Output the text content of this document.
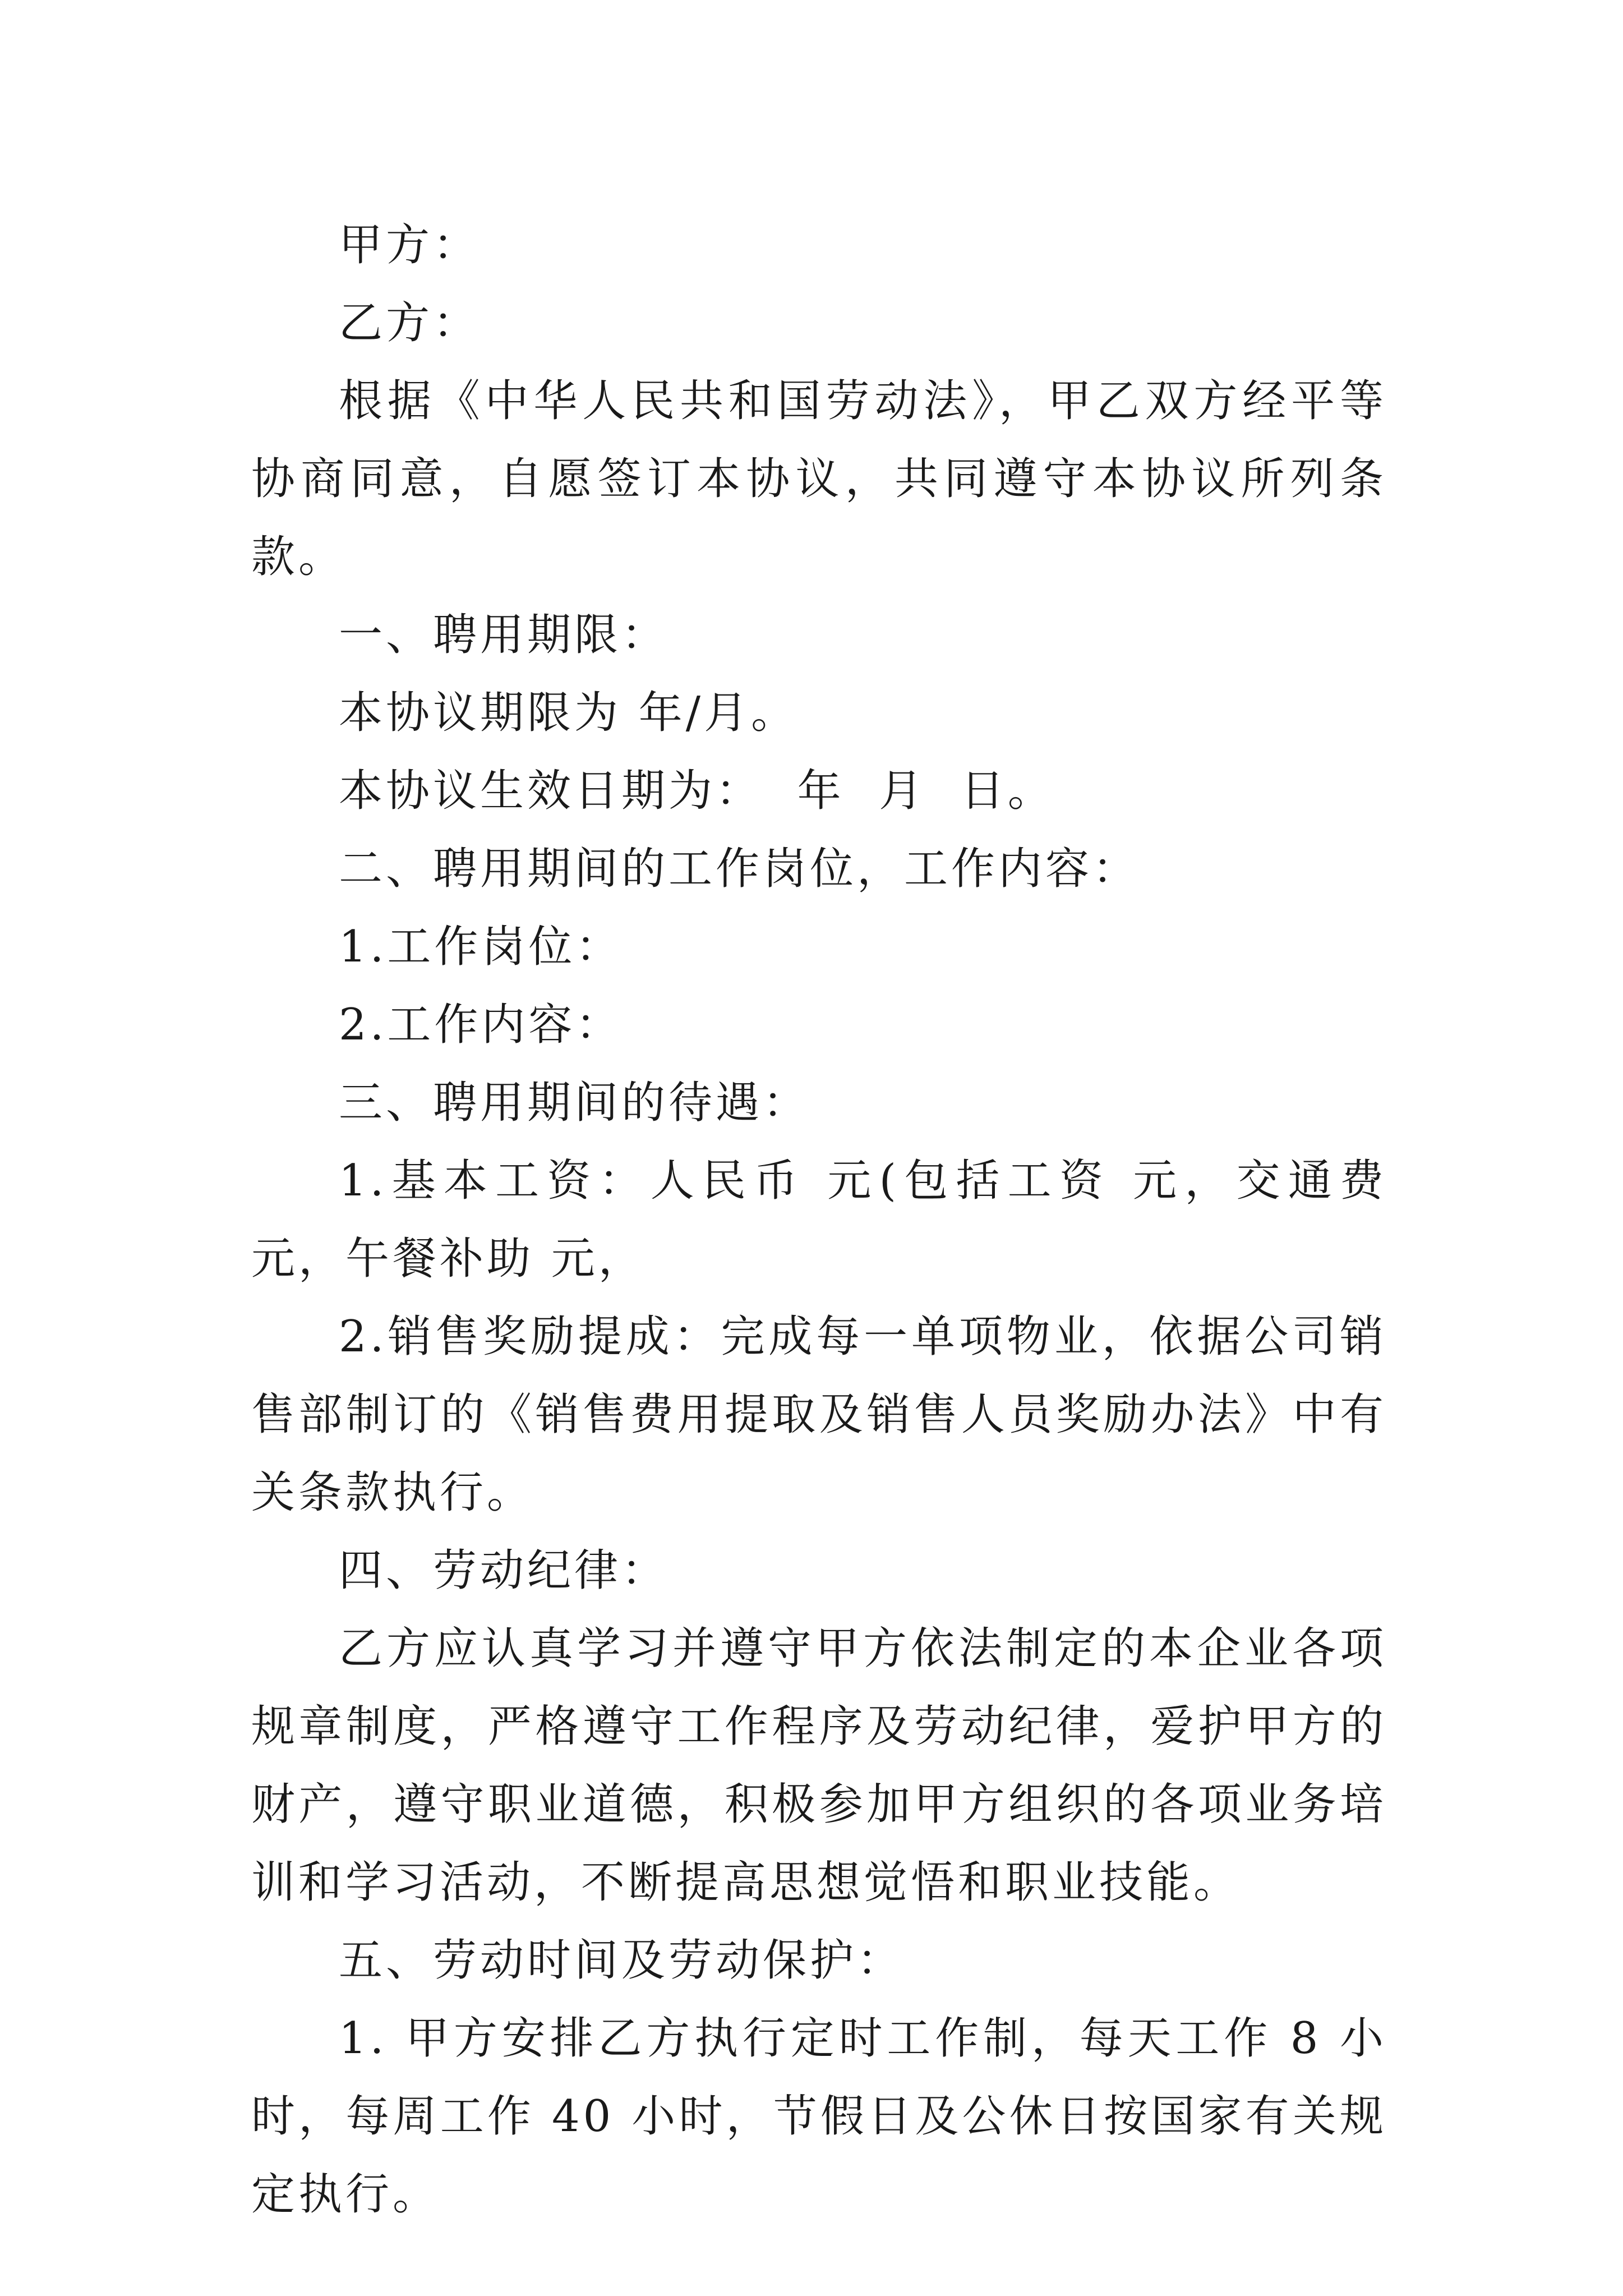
甲方：

乙方：

根据《中华人民共和国劳动法》，甲乙双方经平等协商同意，自愿签订本协议，共同遵守本协议所列条款。

一、聘用期限：

本协议期限为 年/月。

本协议生效日期为：  年  月  日。

二、聘用期间的工作岗位，工作内容：

1.工作岗位：

2.工作内容：

三、聘用期间的待遇：

1.基本工资：人民币 元(包括工资 元，交通费 元，午餐补助 元，

2.销售奖励提成：完成每一单项物业，依据公司销售部制订的《销售费用提取及销售人员奖励办法》中有关条款执行。

四、劳动纪律：

乙方应认真学习并遵守甲方依法制定的本企业各项规章制度，严格遵守工作程序及劳动纪律，爱护甲方的财产，遵守职业道德，积极参加甲方组织的各项业务培训和学习活动，不断提高思想觉悟和职业技能。

五、劳动时间及劳动保护：

1. 甲方安排乙方执行定时工作制，每天工作 8 小时，每周工作 40 小时，节假日及公休日按国家有关规定执行。
